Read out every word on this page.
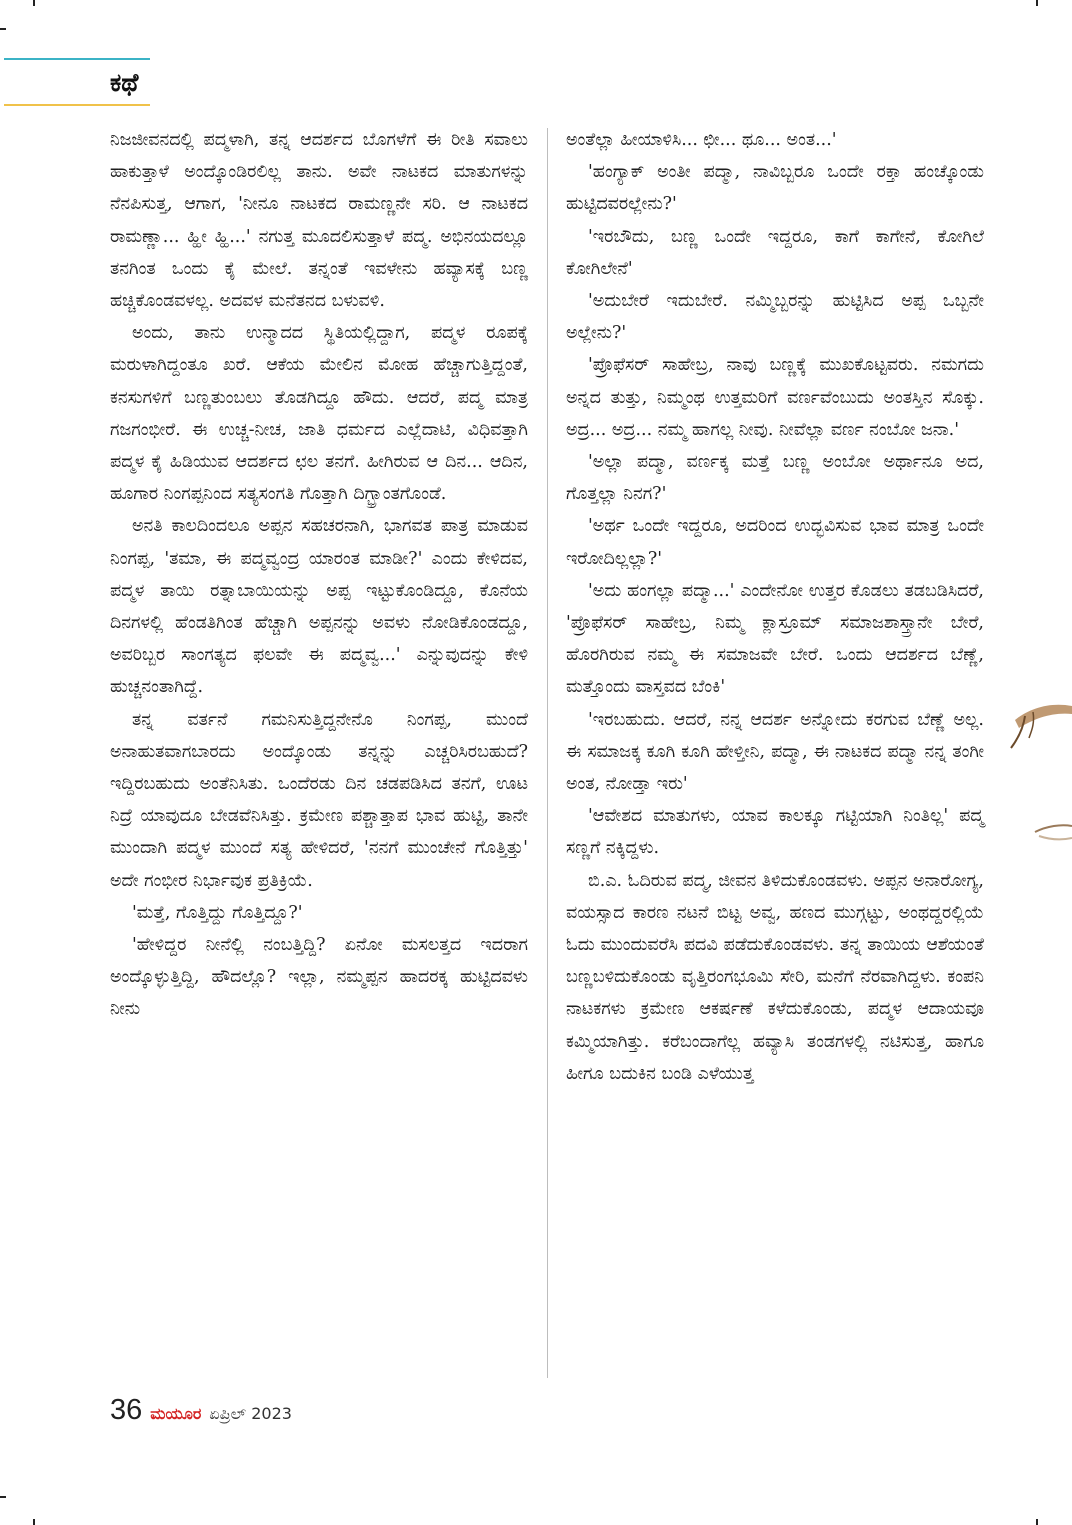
ಕಥೆ

ನಿಜಜೀವನದಲ್ಲಿ ಪದ್ಮಳಾಗಿ, ತನ್ನ ಆದರ್ಶದ ಬೊಗಳೆಗೆ ಈ ರೀತಿ ಸವಾಲು ಹಾಕುತ್ತಾಳೆ ಅಂದ್ಕೊಂಡಿರಲಿಲ್ಲ ತಾನು. ಅವೇ ನಾಟಕದ ಮಾತುಗಳನ್ನು ನೆನಪಿಸುತ್ತ, ಆಗಾಗ, 'ನೀನೂ ನಾಟಕದ ರಾಮಣ್ಣನೇ ಸರಿ. ಆ ನಾಟಕದ ರಾಮಣ್ಣಾ... ಹ್ಹೀ ಹ್ಹಿ...' ನಗುತ್ತ ಮೂದಲಿಸುತ್ತಾಳೆ ಪದ್ಮ. ಅಭಿನಯದಲ್ಲೂ ತನಗಿಂತ ಒಂದು ಕೈ ಮೇಲೆ. ತನ್ನಂತೆ ಇವಳೇನು ಹವ್ಯಾಸಕ್ಕೆ ಬಣ್ಣ ಹಚ್ಚಿಕೊಂಡವಳಲ್ಲ. ಅದವಳ ಮನೆತನದ ಬಳುವಳಿ.

ಅಂದು, ತಾನು ಉನ್ಮಾದದ ಸ್ಥಿತಿಯಲ್ಲಿದ್ದಾಗ, ಪದ್ಮಳ ರೂಪಕ್ಕೆ ಮರುಳಾಗಿದ್ದಂತೂ ಖರೆ. ಆಕೆಯ ಮೇಲಿನ ಮೋಹ ಹೆಚ್ಚಾಗುತ್ತಿದ್ದಂತೆ, ಕನಸುಗಳಿಗೆ ಬಣ್ಣತುಂಬಲು ತೊಡಗಿದ್ದೂ ಹೌದು. ಆದರೆ, ಪದ್ಮ ಮಾತ್ರ ಗಜಗಂಭೀರೆ. ಈ ಉಚ್ಚ-ನೀಚ, ಜಾತಿ ಧರ್ಮದ ಎಲ್ಲೆದಾಟಿ, ವಿಧಿವತ್ತಾಗಿ ಪದ್ಮಳ ಕೈ ಹಿಡಿಯುವ ಆದರ್ಶದ ಛಲ ತನಗೆ. ಹೀಗಿರುವ ಆ ದಿನ... ಆದಿನ, ಹೂಗಾರ ನಿಂಗಪ್ಪನಿಂದ ಸತ್ಯಸಂಗತಿ ಗೊತ್ತಾಗಿ ದಿಗ್ಭ್ರಾಂತಗೊಂಡೆ.

ಅನತಿ ಕಾಲದಿಂದಲೂ ಅಪ್ಪನ ಸಹಚರನಾಗಿ, ಭಾಗವತ ಪಾತ್ರ ಮಾಡುವ ನಿಂಗಪ್ಪ, 'ತಮಾ, ಈ ಪದ್ಮವ್ವಂದ್ರ ಯಾರಂತ ಮಾಡೀ?' ಎಂದು ಕೇಳಿದವ, ಪದ್ಮಳ ತಾಯಿ ರತ್ನಾಬಾಯಿಯನ್ನು ಅಪ್ಪ ಇಟ್ಟುಕೊಂಡಿದ್ದೂ, ಕೊನೆಯ ದಿನಗಳಲ್ಲಿ ಹೆಂಡತಿಗಿಂತ ಹೆಚ್ಚಾಗಿ ಅಪ್ಪನನ್ನು ಅವಳು ನೋಡಿಕೊಂಡದ್ದೂ, ಅವರಿಬ್ಬರ ಸಾಂಗತ್ಯದ ಫಲವೇ ಈ ಪದ್ಮವ್ವ...' ಎನ್ನುವುದನ್ನು ಕೇಳಿ ಹುಚ್ಚನಂತಾಗಿದ್ದೆ.

ತನ್ನ ವರ್ತನೆ ಗಮನಿಸುತ್ತಿದ್ದನೇನೊ ನಿಂಗಪ್ಪ, ಮುಂದೆ ಅನಾಹುತವಾಗಬಾರದು ಅಂದ್ಕೊಂಡು ತನ್ನನ್ನು ಎಚ್ಚರಿಸಿರಬಹುದೆ? ಇದ್ದಿರಬಹುದು ಅಂತೆನಿಸಿತು. ಒಂದೆರಡು ದಿನ ಚಡಪಡಿಸಿದ ತನಗೆ, ಊಟ ನಿದ್ರೆ ಯಾವುದೂ ಬೇಡವೆನಿಸಿತ್ತು. ಕ್ರಮೇಣ ಪಶ್ಚಾತ್ತಾಪ ಭಾವ ಹುಟ್ಟಿ, ತಾನೇ ಮುಂದಾಗಿ ಪದ್ಮಳ ಮುಂದೆ ಸತ್ಯ ಹೇಳಿದರೆ, 'ನನಗೆ ಮುಂಚೇನೆ ಗೊತ್ತಿತ್ತು' ಅದೇ ಗಂಭೀರ ನಿರ್ಭಾವುಕ ಪ್ರತಿಕ್ರಿಯೆ.

'ಮತ್ತೆ, ಗೊತ್ತಿದ್ದು ಗೊತ್ತಿದ್ದೂ?'

'ಹೇಳಿದ್ದರ ನೀನೆಲ್ಲಿ ನಂಬತ್ತಿದ್ದಿ? ಏನೋ ಮಸಲತ್ತದ ಇದರಾಗ ಅಂದ್ಕೊಳ್ಳುತ್ತಿದ್ದಿ, ಹೌದಲ್ಲೊ? ಇಲ್ಲಾ, ನಮ್ಮಪ್ಪನ ಹಾದರಕ್ಕ ಹುಟ್ಟಿದವಳು ನೀನು

ಅಂತೆಲ್ಲಾ ಹೀಯಾಳಿಸಿ... ಛೀ... ಥೂ... ಅಂತ...'

'ಹಂಗ್ಯಾಕ್ ಅಂತೀ ಪದ್ಮಾ, ನಾವಿಬ್ಬರೂ ಒಂದೇ ರಕ್ತಾ ಹಂಚ್ಕೊಂಡು ಹುಟ್ಟಿದವರಲ್ಲೇನು?'

'ಇರಬೌದು, ಬಣ್ಣ ಒಂದೇ ಇದ್ದರೂ, ಕಾಗೆ ಕಾಗೇನೆ, ಕೋಗಿಲೆ ಕೋಗಿಲೇನೆ'

'ಅದುಬೇರೆ ಇದುಬೇರೆ. ನಮ್ಮಿಬ್ಬರನ್ನು ಹುಟ್ಟಿಸಿದ ಅಪ್ಪ ಒಬ್ಬನೇ ಅಲ್ಲೇನು?'

'ಪ್ರೊಫೆಸರ್ ಸಾಹೇಬ್ರ, ನಾವು ಬಣ್ಣಕ್ಕೆ ಮುಖಕೊಟ್ಟವರು. ನಮಗದು ಅನ್ನದ ತುತ್ತು, ನಿಮ್ಮಂಥ ಉತ್ತಮರಿಗೆ ವರ್ಣವೆಂಬುದು ಅಂತಸ್ತಿನ ಸೊಕ್ಕು. ಅದ್ರ... ಅದ್ರ... ನಮ್ಮ ಹಾಗಲ್ಲ ನೀವು. ನೀವೆಲ್ಲಾ ವರ್ಣ ನಂಬೋ ಜನಾ.'

'ಅಲ್ಲಾ ಪದ್ಮಾ, ವರ್ಣಕ್ಕ ಮತ್ತೆ ಬಣ್ಣ ಅಂಬೋ ಅರ್ಥಾನೂ ಅದ, ಗೊತ್ತಲ್ಲಾ ನಿನಗ?'

'ಅರ್ಥ ಒಂದೇ ಇದ್ದರೂ, ಅದರಿಂದ ಉದ್ಭವಿಸುವ ಭಾವ ಮಾತ್ರ ಒಂದೇ ಇರೋದಿಲ್ಲಲ್ಲಾ?'

'ಅದು ಹಂಗಲ್ಲಾ ಪದ್ಮಾ...' ಎಂದೇನೋ ಉತ್ತರ ಕೊಡಲು ತಡಬಡಿಸಿದರೆ, 'ಪ್ರೊಫೆಸರ್ ಸಾಹೇಬ್ರ, ನಿಮ್ಮ ಕ್ಲಾಸ್ರೂಮ್ ಸಮಾಜಶಾಸ್ತ್ರಾನೇ ಬೇರೆ, ಹೊರಗಿರುವ ನಮ್ಮ ಈ ಸಮಾಜವೇ ಬೇರೆ. ಒಂದು ಆದರ್ಶದ ಬೆಣ್ಣೆ, ಮತ್ತೊಂದು ವಾಸ್ತವದ ಬೆಂಕಿ'

'ಇರಬಹುದು. ಆದರೆ, ನನ್ನ ಆದರ್ಶ ಅನ್ನೋದು ಕರಗುವ ಬೆಣ್ಣೆ ಅಲ್ಲ. ಈ ಸಮಾಜಕ್ಕ ಕೂಗಿ ಕೂಗಿ ಹೇಳ್ತೀನಿ, ಪದ್ಮಾ, ಈ ನಾಟಕದ ಪದ್ಮಾ ನನ್ನ ತಂಗೀ ಅಂತ, ನೋಡ್ತಾ ಇರು'

'ಆವೇಶದ ಮಾತುಗಳು, ಯಾವ ಕಾಲಕ್ಕೂ ಗಟ್ಟಿಯಾಗಿ ನಿಂತಿಲ್ಲ' ಪದ್ಮ ಸಣ್ಣಗೆ ನಕ್ಕಿದ್ದಳು.

ಬಿ.ಎ. ಓದಿರುವ ಪದ್ಮ, ಜೀವನ ತಿಳಿದುಕೊಂಡವಳು. ಅಪ್ಪನ ಅನಾರೋಗ್ಯ, ವಯಸ್ಸಾದ ಕಾರಣ ನಟನೆ ಬಿಟ್ಟ ಅವ್ವ, ಹಣದ ಮುಗ್ಗಟ್ಟು, ಅಂಥದ್ದರಲ್ಲಿಯೆ ಓದು ಮುಂದುವರೆಸಿ ಪದವಿ ಪಡೆದುಕೊಂಡವಳು. ತನ್ನ ತಾಯಿಯ ಆಶೆಯಂತೆ ಬಣ್ಣಬಳಿದುಕೊಂಡು ವೃತ್ತಿರಂಗಭೂಮಿ ಸೇರಿ, ಮನೆಗೆ ನೆರವಾಗಿದ್ದಳು. ಕಂಪನಿ ನಾಟಕಗಳು ಕ್ರಮೇಣ ಆಕರ್ಷಣೆ ಕಳೆದುಕೊಂಡು, ಪದ್ಮಳ ಆದಾಯವೂ ಕಮ್ಮಿಯಾಗಿತ್ತು. ಕರೆಬಂದಾಗೆಲ್ಲ ಹವ್ಯಾಸಿ ತಂಡಗಳಲ್ಲಿ ನಟಿಸುತ್ತ, ಹಾಗೂ ಹೀಗೂ ಬದುಕಿನ ಬಂಡಿ ಎಳೆಯುತ್ತ

36 ಮಯೂರ ಏಪ್ರಿಲ್ 2023
